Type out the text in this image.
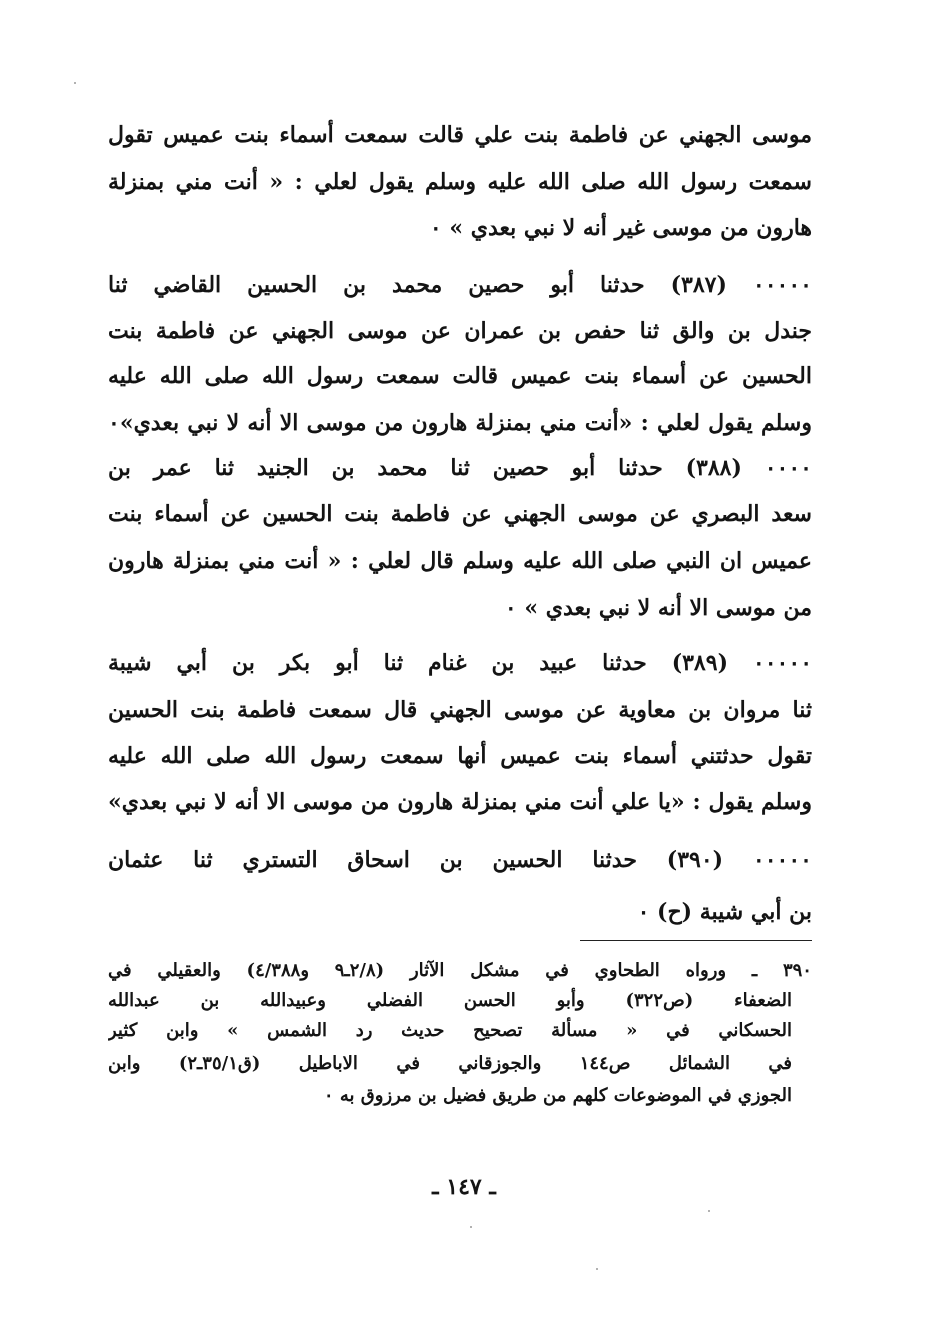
موسى الجهني عن فاطمة بنت علي قالت سمعت أسماء بنت عميس تقول
سمعت رسول الله صلى الله عليه وسلم يقول لعلي : « أنت مني بمنزلة
هارون من موسى غير أنه لا نبي بعدي » ٠
٠٠٠٠٠ (٣٨٧) حدثنا أبو حصين محمد بن الحسين القاضي ثنا
جندل بن والق ثنا حفص بن عمران عن موسى الجهني عن فاطمة بنت
الحسين عن أسماء بنت عميس قالت سمعت رسول الله صلى الله عليه
وسلم يقول لعلي : «أنت مني بمنزلة هارون من موسى الا أنه لا نبي بعدي»٠
٠٠٠٠ (٣٨٨) حدثنا أبو حصين ثنا محمد بن الجنيد ثنا عمر بن
سعد البصري عن موسى الجهني عن فاطمة بنت الحسين عن أسماء بنت
عميس ان النبي صلى الله عليه وسلم قال لعلي : « أنت مني بمنزلة هارون
من موسى الا أنه لا نبي بعدي » ٠
٠٠٠٠٠ (٣٨٩) حدثنا عبيد بن غنام ثنا أبو بكر بن أبي شيبة
ثنا مروان بن معاوية عن موسى الجهني قال سمعت فاطمة بنت الحسين
تقول حدثتني أسماء بنت عميس أنها سمعت رسول الله صلى الله عليه
وسلم يقول : «يا علي أنت مني بمنزلة هارون من موسى الا أنه لا نبي بعدي»
٠٠٠٠٠ (٣٩٠) حدثنا الحسين بن اسحاق التستري ثنا عثمان
بن أبي شيبة (ح) ٠
٣٩٠ ـ ورواه الطحاوي في مشكل الآثار (٢/٨ـ٩ و٤/٣٨٨) والعقيلي في
الضعفاء (ص٣٢٢) وأبو الحسن الفضلي وعبيدالله بن عبدالله
الحسكاني في « مسألة تصحيح حديث رد الشمس » وابن كثير
في الشمائل ص١٤٤ والجوزقاني في الاباطيل (ق٣٥/١ـ٢) وابن
الجوزي في الموضوعات كلهم من طريق فضيل بن مرزوق به ٠
ـ ١٤٧ ـ
